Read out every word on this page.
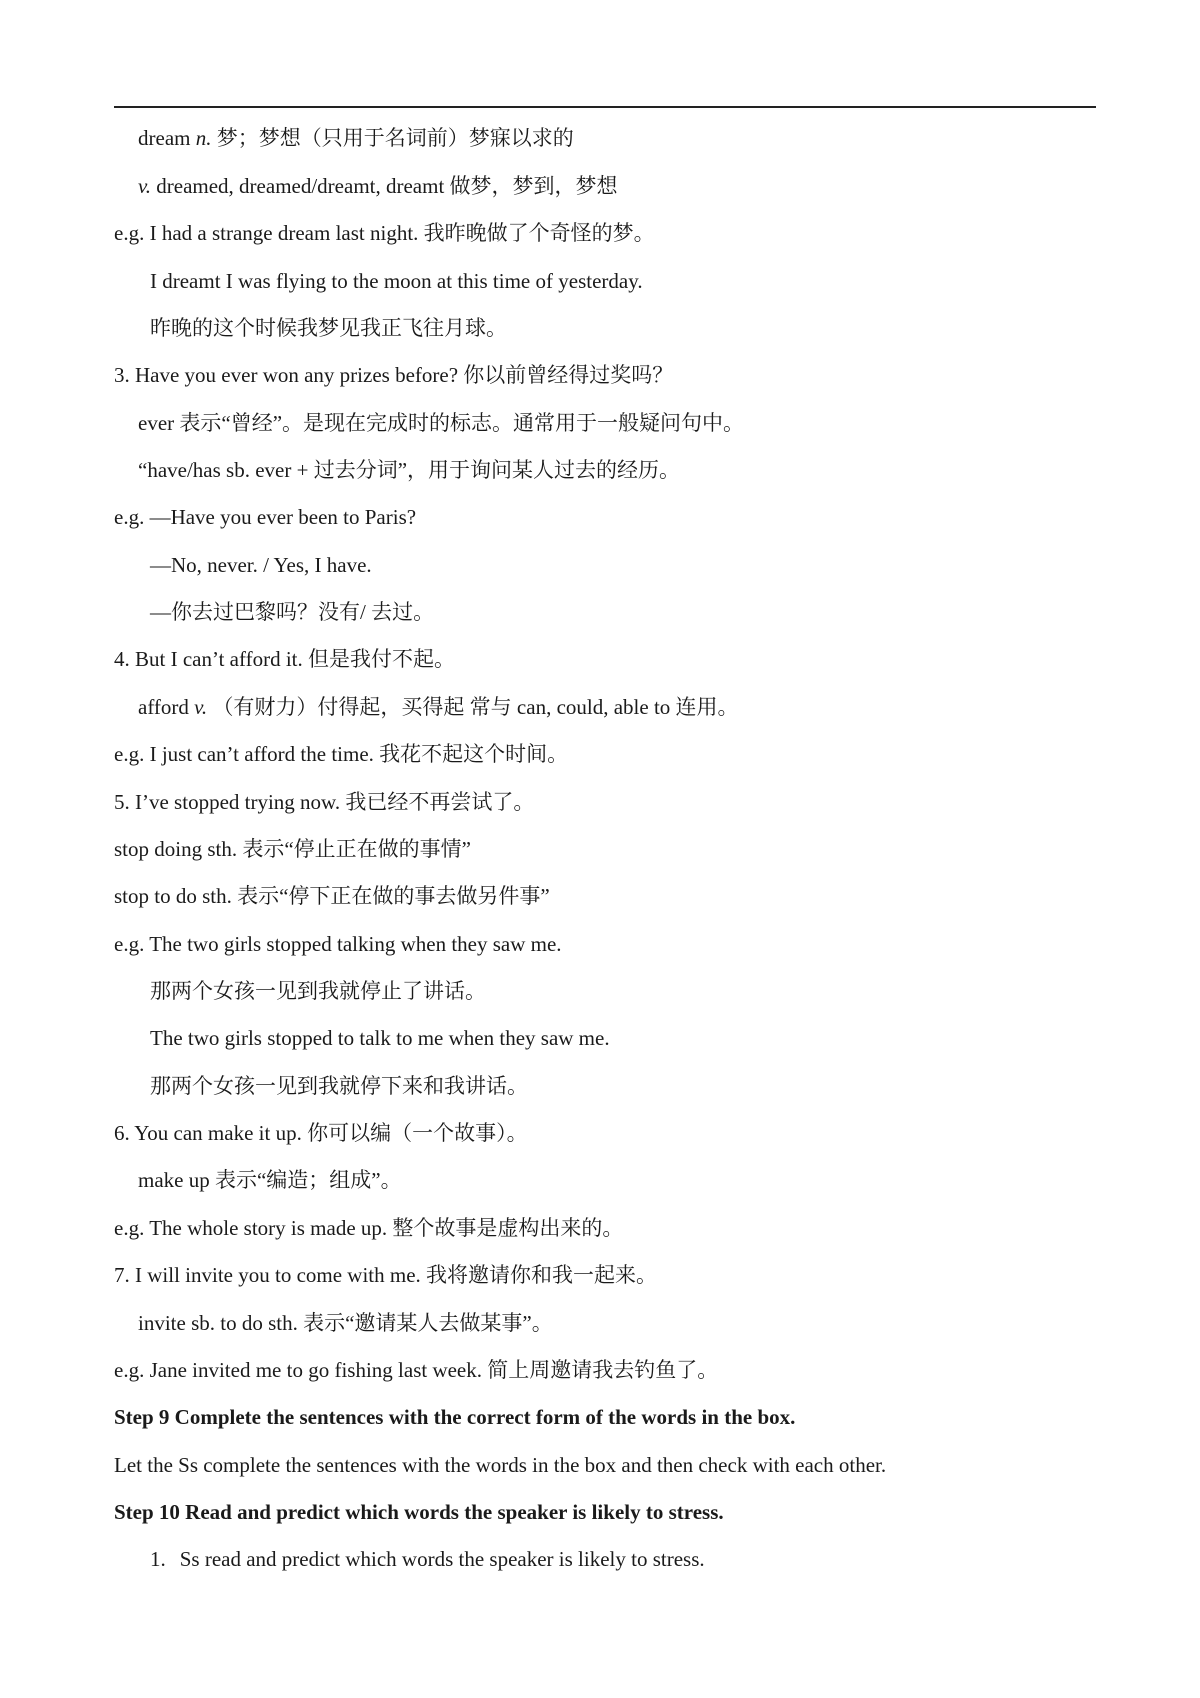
dream n. 梦；梦想（只用于名词前）梦寐以求的
v. dreamed, dreamed/dreamt, dreamt 做梦，梦到，梦想
e.g. I had a strange dream last night. 我昨晚做了个奇怪的梦。
I dreamt I was flying to the moon at this time of yesterday.
昨晚的这个时候我梦见我正飞往月球。
3. Have you ever won any prizes before? 你以前曾经得过奖吗？
ever 表示“曾经”。是现在完成时的标志。通常用于一般疑问句中。
“have/has sb. ever + 过去分词”，用于询问某人过去的经历。
e.g. —Have you ever been to Paris?
—No, never. / Yes, I have.
—你去过巴黎吗？没有/ 去过。
4. But I can’t afford it. 但是我付不起。
afford v. （有财力）付得起，买得起 常与 can, could, able to 连用。
e.g. I just can’t afford the time. 我花不起这个时间。
5. I’ve stopped trying now. 我已经不再尝试了。
stop doing sth. 表示“停止正在做的事情”
stop to do sth. 表示“停下正在做的事去做另件事”
e.g. The two girls stopped talking when they saw me.
那两个女孩一见到我就停止了讲话。
The two girls stopped to talk to me when they saw me.
那两个女孩一见到我就停下来和我讲话。
6. You can make it up. 你可以编（一个故事）。
make up 表示“编造；组成”。
e.g. The whole story is made up. 整个故事是虚构出来的。
7. I will invite you to come with me. 我将邀请你和我一起来。
invite sb. to do sth. 表示“邀请某人去做某事”。
e.g. Jane invited me to go fishing last week. 简上周邀请我去钓鱼了。
Step 9 Complete the sentences with the correct form of the words in the box.
Let the Ss complete the sentences with the words in the box and then check with each other.
Step 10 Read and predict which words the speaker is likely to stress.
1. Ss read and predict which words the speaker is likely to stress.
